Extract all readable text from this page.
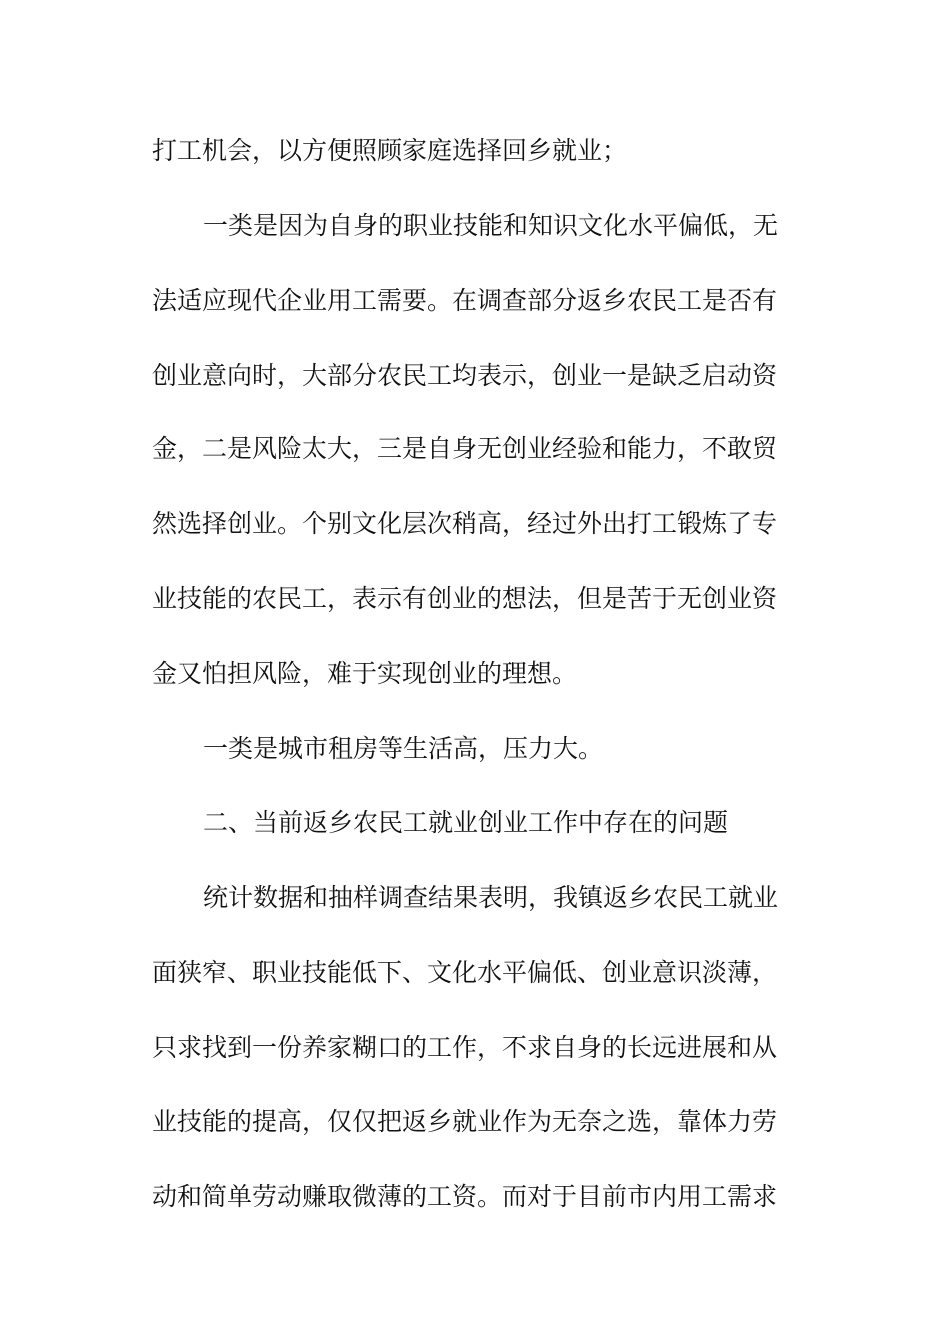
打工机会，以方便照顾家庭选择回乡就业；
一类是因为自身的职业技能和知识文化水平偏低，无
法适应现代企业用工需要。在调查部分返乡农民工是否有
创业意向时，大部分农民工均表示，创业一是缺乏启动资
金，二是风险太大，三是自身无创业经验和能力，不敢贸
然选择创业。个别文化层次稍高，经过外出打工锻炼了专
业技能的农民工，表示有创业的想法，但是苦于无创业资
金又怕担风险，难于实现创业的理想。
一类是城市租房等生活高，压力大。
二、当前返乡农民工就业创业工作中存在的问题
统计数据和抽样调查结果表明，我镇返乡农民工就业
面狭窄、职业技能低下、文化水平偏低、创业意识淡薄，
只求找到一份养家糊口的工作，不求自身的长远进展和从
业技能的提高，仅仅把返乡就业作为无奈之选，靠体力劳
动和简单劳动赚取微薄的工资。而对于目前市内用工需求
